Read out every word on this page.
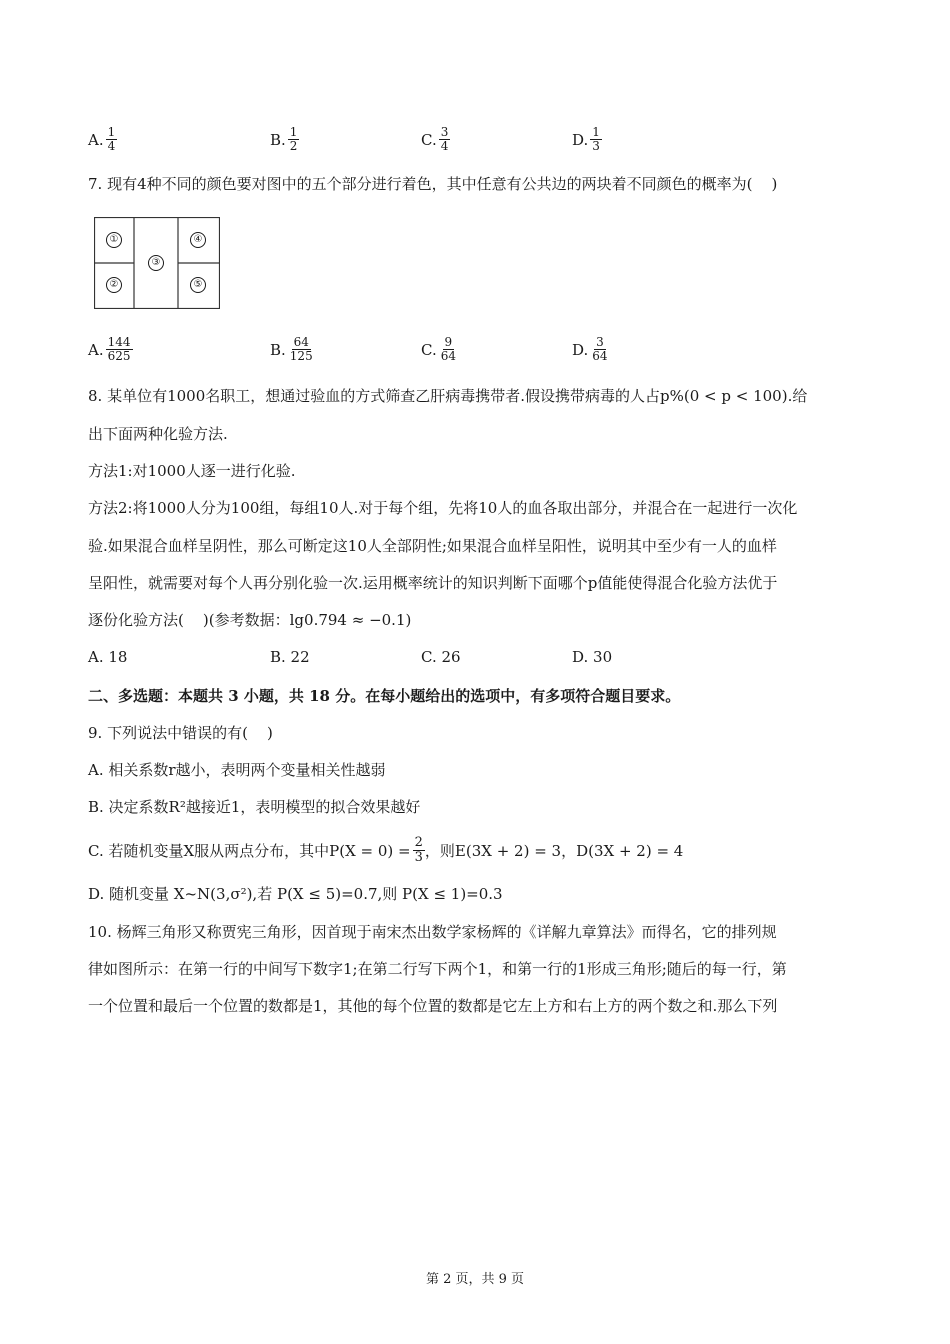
A. $\frac{1}{4}$	B. $\frac{1}{2}$	C. $\frac{3}{4}$	D. $\frac{1}{3}$
7. 现有4种不同的颜色要对图中的五个部分进行着色，其中任意有公共边的两块着不同颜色的概率为(    )
①
②
③
④
⑤
A. $\frac{144}{625}$	B. $\frac{64}{125}$	C. $\frac{9}{64}$	D. $\frac{3}{64}$
8. 某单位有1000名职工，想通过验血的方式筛查乙肝病毒携带者.假设携带病毒的人占p%(0 < p < 100).给
出下面两种化验方法.
方法1:对1000人逐一进行化验.
方法2:将1000人分为100组，每组10人.对于每个组，先将10人的血各取出部分，并混合在一起进行一次化
验.如果混合血样呈阴性，那么可断定这10人全部阴性;如果混合血样呈阳性，说明其中至少有一人的血样
呈阳性，就需要对每个人再分别化验一次.运用概率统计的知识判断下面哪个p值能使得混合化验方法优于
逐份化验方法(    )(参考数据：lg0.794 ≈ −0.1)
A. 18	B. 22	C. 26	D. 30
二、多选题：本题共 3 小题，共 18 分。在每小题给出的选项中，有多项符合题目要求。
9. 下列说法中错误的有(    )
A. 相关系数r越小，表明两个变量相关性越弱
B. 决定系数R²越接近1，表明模型的拟合效果越好
C. 若随机变量X服从两点分布，其中$P(X = 0) = \frac{2}{3}$ ，则E(3X + 2) = 3，D(3X + 2) = 4
D. 随机变量 X~N(3,σ²),若 P(X ≤ 5)=0.7,则 P(X ≤ 1)=0.3
10. 杨辉三角形又称贾宪三角形，因首现于南宋杰出数学家杨辉的《详解九章算法》而得名，它的排列规
律如图所示：在第一行的中间写下数字1;在第二行写下两个1，和第一行的1形成三角形;随后的每一行，第
一个位置和最后一个位置的数都是1，其他的每个位置的数都是它左上方和右上方的两个数之和.那么下列
第 2 页，共 9 页
